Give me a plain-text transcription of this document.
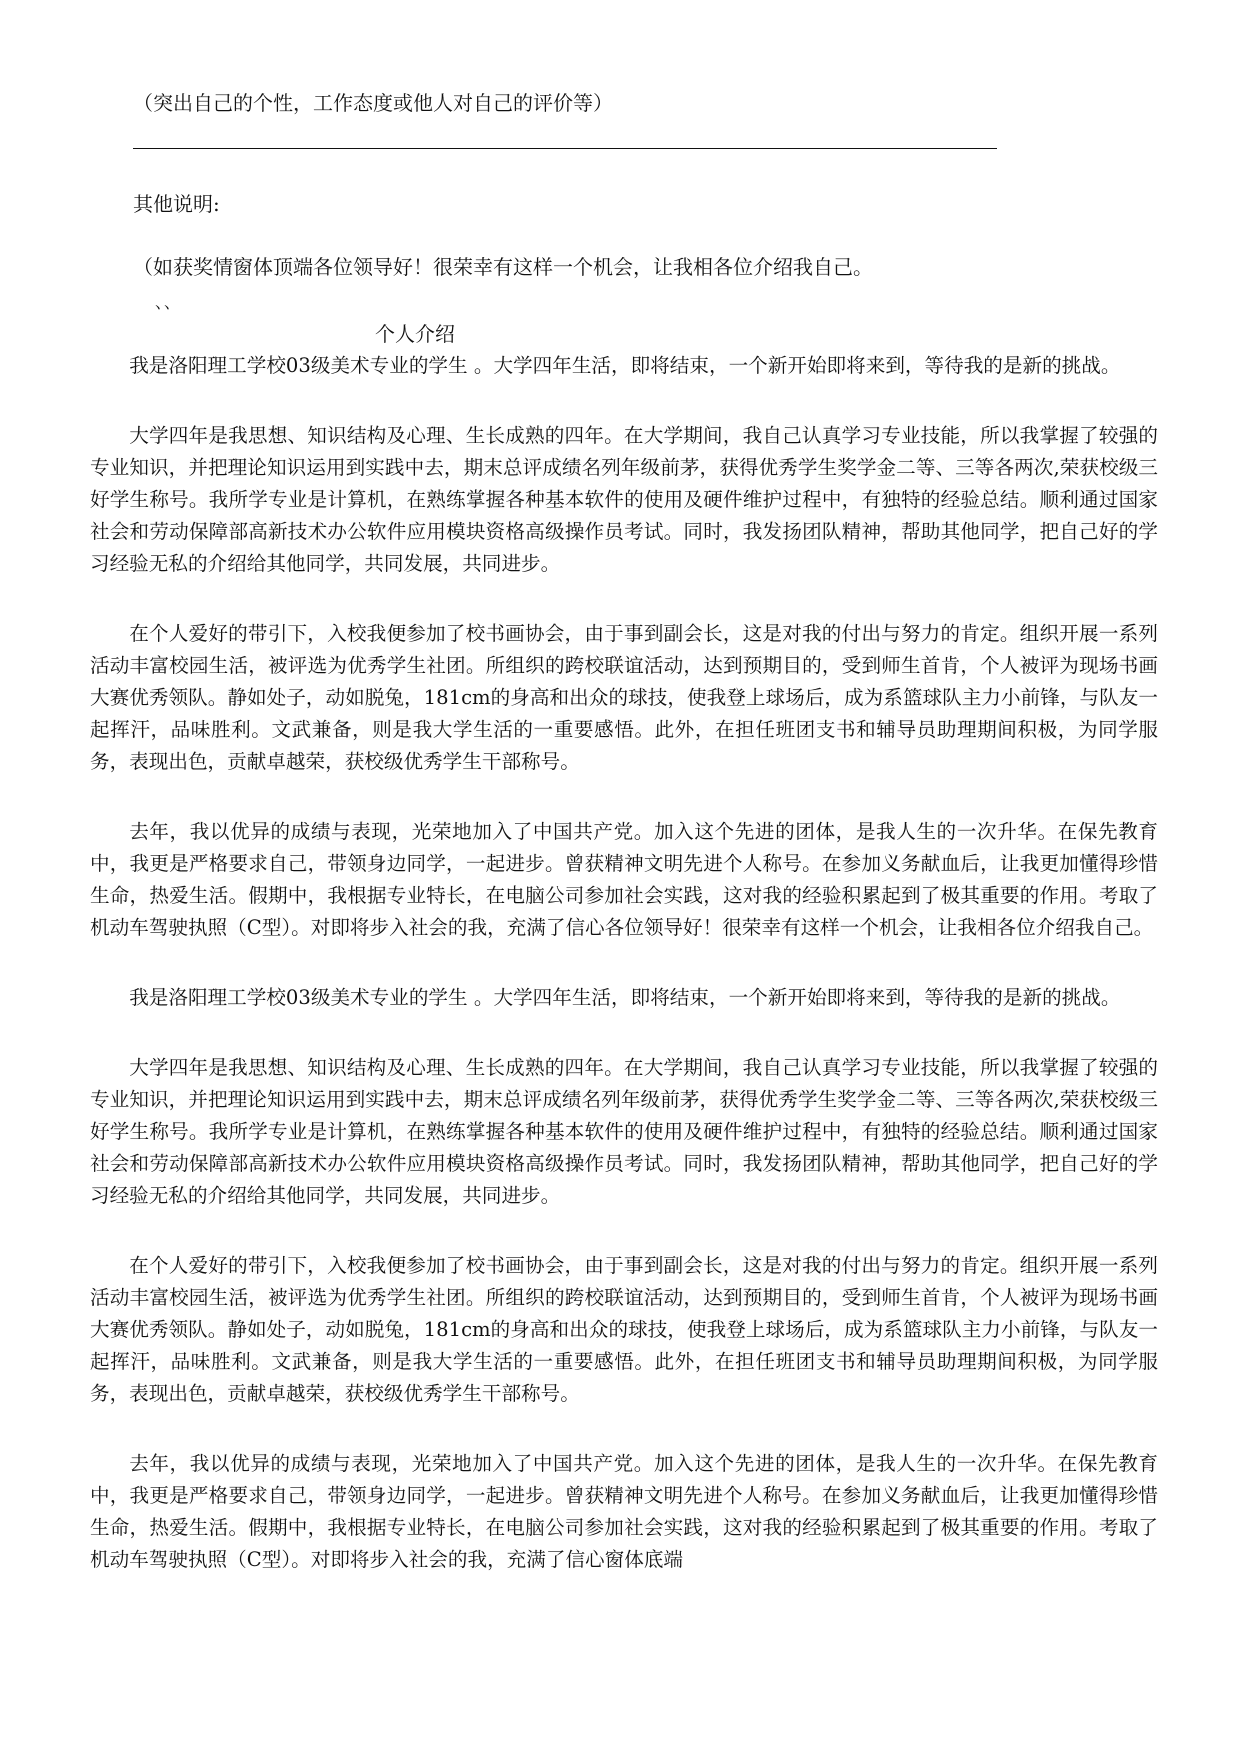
（突出自己的个性，工作态度或他人对自己的评价等）
其他说明:
（如获奖情窗体顶端各位领导好！很荣幸有这样一个机会，让我相各位介绍我自己。
､､
个人介绍

我是洛阳理工学校03级美术专业的学生 。大学四年生活，即将结束，一个新开始即将来到，等待我的是新的挑战。

大学四年是我思想、知识结构及心理、生长成熟的四年。在大学期间，我自己认真学习专业技能，所以我掌握了较强的专业知识，并把理论知识运用到实践中去，期末总评成绩名列年级前茅，获得优秀学生奖学金二等、三等各两次,荣获校级三好学生称号。我所学专业是计算机，在熟练掌握各种基本软件的使用及硬件维护过程中，有独特的经验总结。顺利通过国家社会和劳动保障部高新技术办公软件应用模块资格高级操作员考试。同时，我发扬团队精神，帮助其他同学，把自己好的学习经验无私的介绍给其他同学，共同发展，共同进步。

在个人爱好的带引下，入校我便参加了校书画协会，由于事到副会长，这是对我的付出与努力的肯定。组织开展一系列活动丰富校园生活，被评选为优秀学生社团。所组织的跨校联谊活动，达到预期目的，受到师生首肯，个人被评为现场书画大赛优秀领队。静如处子，动如脱兔，181cm的身高和出众的球技，使我登上球场后，成为系篮球队主力小前锋，与队友一起挥汗，品味胜利。文武兼备，则是我大学生活的一重要感悟。此外，在担任班团支书和辅导员助理期间积极，为同学服务，表现出色，贡献卓越荣，获校级优秀学生干部称号。

去年，我以优异的成绩与表现，光荣地加入了中国共产党。加入这个先进的团体，是我人生的一次升华。在保先教育中，我更是严格要求自己，带领身边同学，一起进步。曾获精神文明先进个人称号。在参加义务献血后，让我更加懂得珍惜生命，热爱生活。假期中，我根据专业特长，在电脑公司参加社会实践，这对我的经验积累起到了极其重要的作用。考取了机动车驾驶执照（C型）。对即将步入社会的我，充满了信心各位领导好！很荣幸有这样一个机会，让我相各位介绍我自己。

我是洛阳理工学校03级美术专业的学生 。大学四年生活，即将结束，一个新开始即将来到，等待我的是新的挑战。

大学四年是我思想、知识结构及心理、生长成熟的四年。在大学期间，我自己认真学习专业技能，所以我掌握了较强的专业知识，并把理论知识运用到实践中去，期末总评成绩名列年级前茅，获得优秀学生奖学金二等、三等各两次,荣获校级三好学生称号。我所学专业是计算机，在熟练掌握各种基本软件的使用及硬件维护过程中，有独特的经验总结。顺利通过国家社会和劳动保障部高新技术办公软件应用模块资格高级操作员考试。同时，我发扬团队精神，帮助其他同学，把自己好的学习经验无私的介绍给其他同学，共同发展，共同进步。

在个人爱好的带引下，入校我便参加了校书画协会，由于事到副会长，这是对我的付出与努力的肯定。组织开展一系列活动丰富校园生活，被评选为优秀学生社团。所组织的跨校联谊活动，达到预期目的，受到师生首肯，个人被评为现场书画大赛优秀领队。静如处子，动如脱兔，181cm的身高和出众的球技，使我登上球场后，成为系篮球队主力小前锋，与队友一起挥汗，品味胜利。文武兼备，则是我大学生活的一重要感悟。此外，在担任班团支书和辅导员助理期间积极，为同学服务，表现出色，贡献卓越荣，获校级优秀学生干部称号。

去年，我以优异的成绩与表现，光荣地加入了中国共产党。加入这个先进的团体，是我人生的一次升华。在保先教育中，我更是严格要求自己，带领身边同学，一起进步。曾获精神文明先进个人称号。在参加义务献血后，让我更加懂得珍惜生命，热爱生活。假期中，我根据专业特长，在电脑公司参加社会实践，这对我的经验积累起到了极其重要的作用。考取了机动车驾驶执照（C型）。对即将步入社会的我，充满了信心窗体底端
